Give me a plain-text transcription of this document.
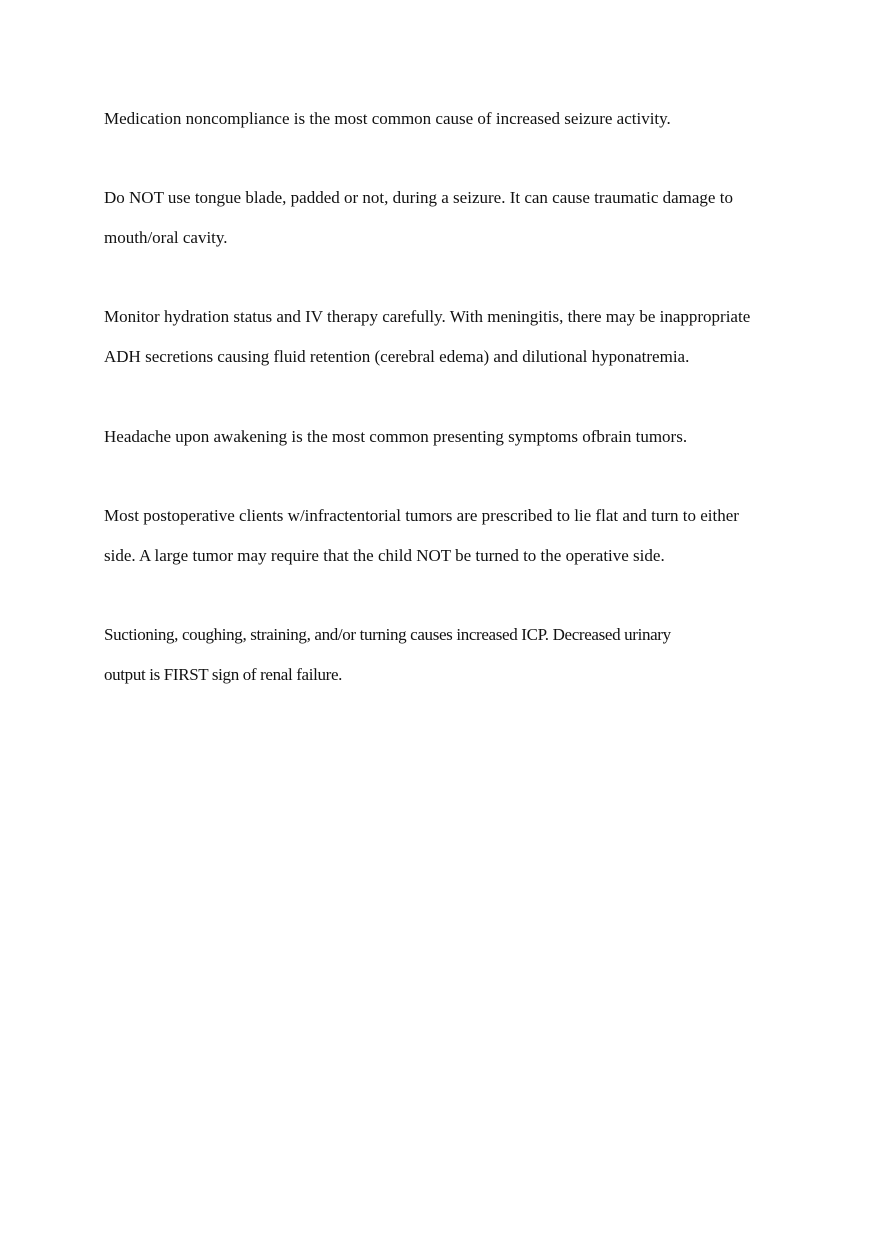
Medication noncompliance is the most common cause of increased seizure activity.

Do NOT use tongue blade, padded or not, during a seizure. It can cause traumatic damage to

mouth/oral cavity.

Monitor hydration status and IV therapy carefully. With meningitis, there may be inappropriate

ADH secretions causing fluid retention (cerebral edema) and dilutional hyponatremia.

Headache upon awakening is the most common presenting symptoms ofbrain tumors.

Most postoperative clients w/infractentorial tumors are prescribed to lie flat and turn to either

side. A large tumor may require that the child NOT be turned to the operative side.

Suctioning, coughing, straining, and/or turning causes increased ICP. Decreased urinary

output is FIRST sign of renal failure.
